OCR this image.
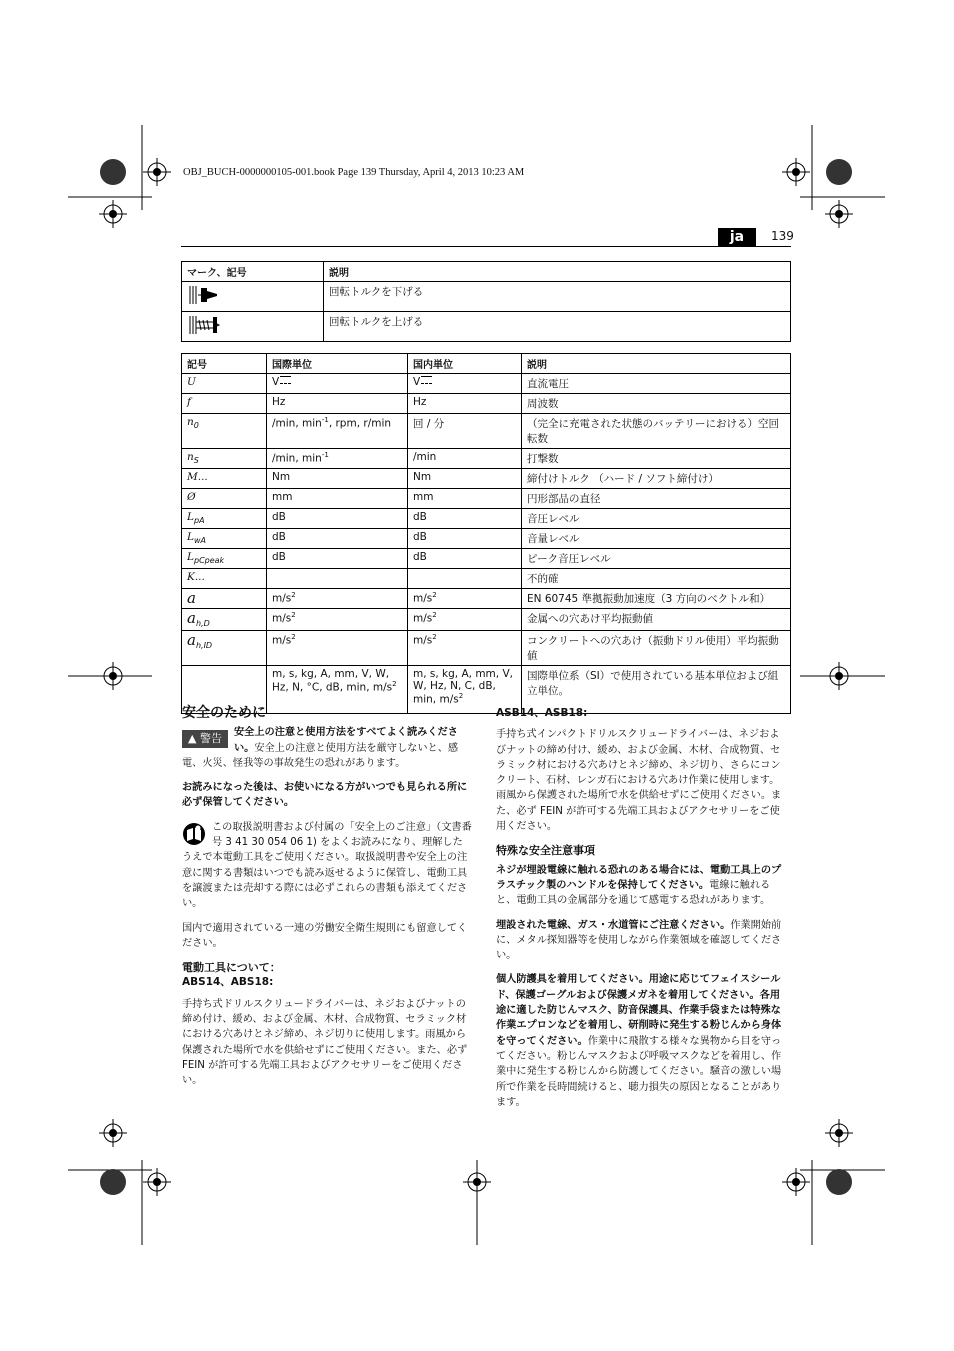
OBJ_BUCH-0000000105-001.book Page 139 Thursday, April 4, 2013 10:23 AM
ja	139
マーク、記号	説明
	回転トルクを下げる
	回転トルクを上げる
記号	国際単位	国内単位	説明
U	V	V	直流電圧
f	Hz	Hz	周波数
$n_0$	/min, $\min^{-1}$, rpm, r/min	回 / 分	（完全に充電された状態のバッテリーにおける）空回転数
$n_S$	/min, $\min^{-1}$	/min	打撃数
M...	Nm	Nm	締付けトルク （ハード / ソフト締付け）
Ø	mm	mm	円形部品の直径
$L_{pA}$	dB	dB	音圧レベル
$L_{wA}$	dB	dB	音量レベル
$L_{pCpeak}$	dB	dB	ピーク音圧レベル
K...			不的確
a	$m/s^2$	$m/s^2$	EN 60745 準拠振動加速度（3 方向のベクトル和）
$a_{h,D}$	$m/s^2$	$m/s^2$	金属への穴あけ平均振動値
$a_{h,ID}$	$m/s^2$	$m/s^2$	コンクリートへの穴あけ（振動ドリル使用）平均振動値
	m, s, kg, A, mm, V, W, Hz, N, °C, dB, min, $m/s^2$	m, s, kg, A, mm, V, W, Hz, N, C, dB, min, $m/s^2$	国際単位系（SI）で使用されている基本単位および組立単位。
安全のために

▲ 警告	安全上の注意と使用方法をすべてよく読みください。安全上の注意と使用方法を厳守しないと、感電、火災、怪我等の事故発生の恐れがあります。

お読みになった後は、お使いになる方がいつでも見られる所に必ず保管してください。

この取扱説明書および付属の「安全上のご注意」（文書番号 3 41 30 054 06 1) をよくお読みになり、理解したうえで本電動工具をご使用ください。取扱説明書や安全上の注意に関する書類はいつでも読み返せるように保管し、電動工具を譲渡または売却する際には必ずこれらの書類も添えてください。

国内で適用されている一連の労働安全衛生規則にも留意してください。

電動工具について：
ABS14、ABS18:

手持ち式ドリルスクリュードライバーは、ネジおよびナットの締め付け、緩め、および金属、木材、合成物質、セラミック材における穴あけとネジ締め、ネジ切りに使用します。雨風から保護された場所で水を供給せずにご使用ください。また、必ず FEIN が許可する先端工具およびアクセサリーをご使用ください。

ASB14、ASB18:

手持ち式インパクトドリルスクリュードライバーは、ネジおよびナットの締め付け、緩め、および金属、木材、合成物質、セラミック材における穴あけとネジ締め、ネジ切り、さらにコンクリート、石材、レンガ石における穴あけ作業に使用します。雨風から保護された場所で水を供給せずにご使用ください。また、必ず FEIN が許可する先端工具およびアクセサリーをご使用ください。

特殊な安全注意事項

ネジが埋設電線に触れる恐れのある場合には、電動工具上のプラスチック製のハンドルを保持してください。電線に触れると、電動工具の金属部分を通じて感電する恐れがあります。

埋設された電線、ガス・水道管にご注意ください。作業開始前に、メタル探知器等を使用しながら作業領域を確認してください。

個人防護具を着用してください。用途に応じてフェイスシールド、保護ゴーグルおよび保護メガネを着用してください。各用途に適した防じんマスク、防音保護具、作業手袋または特殊な作業エプロンなどを着用し、研削時に発生する粉じんから身体を守ってください。作業中に飛散する様々な異物から目を守ってください。粉じんマスクおよび呼吸マスクなどを着用し、作業中に発生する粉じんから防護してください。騒音の激しい場所で作業を長時間続けると、聴力損失の原因となることがあります。
